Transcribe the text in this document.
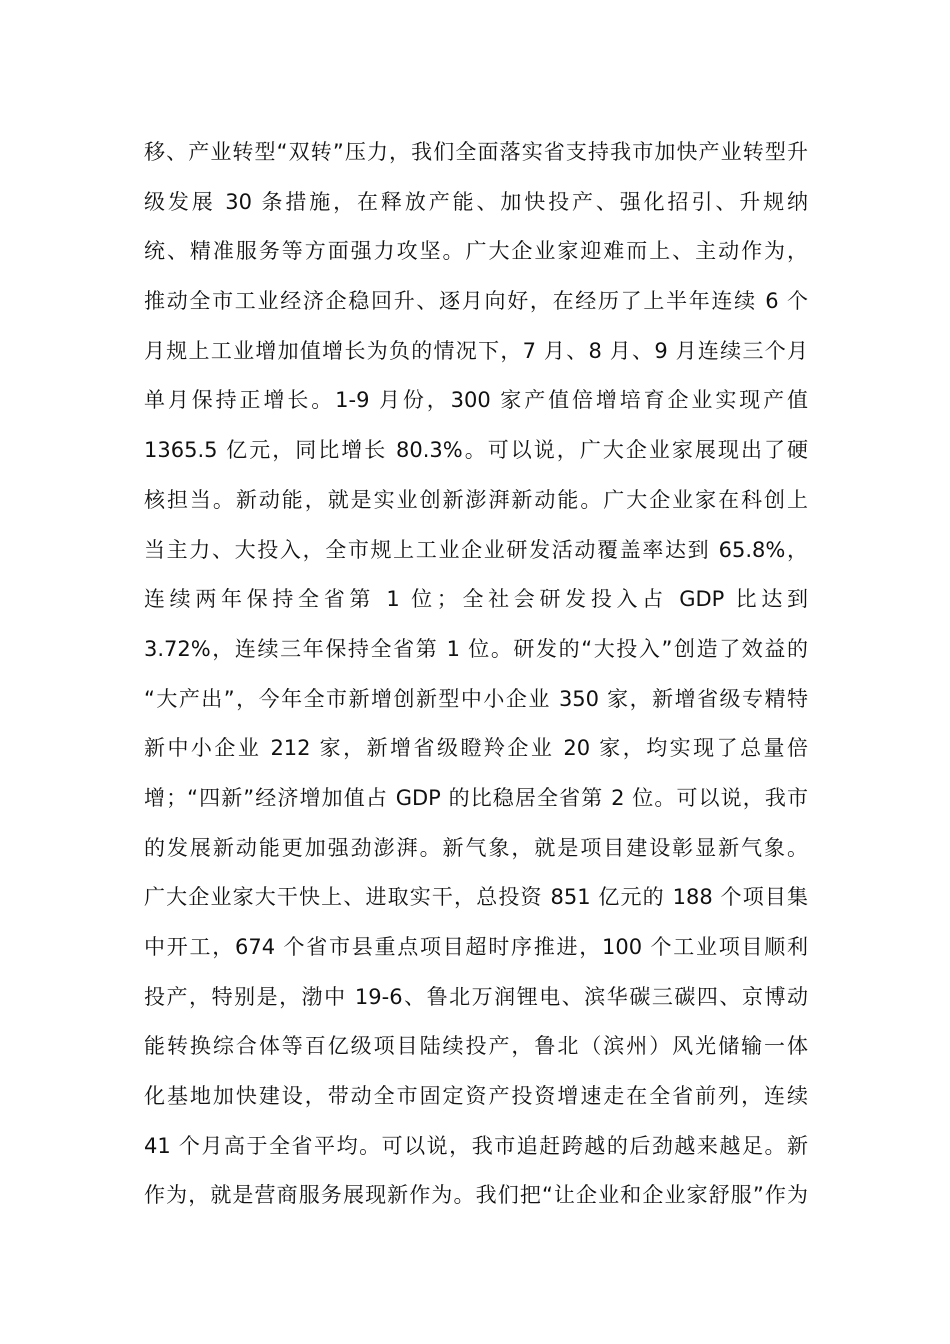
移、产业转型“双转”压力，我们全面落实省支持我市加快产业转型升
级发展 30 条措施，在释放产能、加快投产、强化招引、升规纳
统、精准服务等方面强力攻坚。广大企业家迎难而上、主动作为，
推动全市工业经济企稳回升、逐月向好，在经历了上半年连续 6 个
月规上工业增加值增长为负的情况下，7 月、8 月、9 月连续三个月
单月保持正增长。1-9 月份，300 家产值倍增培育企业实现产值
1365.5 亿元，同比增长 80.3%。可以说，广大企业家展现出了硬
核担当。新动能，就是实业创新澎湃新动能。广大企业家在科创上
当主力、大投入，全市规上工业企业研发活动覆盖率达到 65.8%，
连续两年保持全省第 1 位；全社会研发投入占 GDP 比达到
3.72%，连续三年保持全省第 1 位。研发的“大投入”创造了效益的
“大产出”，今年全市新增创新型中小企业 350 家，新增省级专精特
新中小企业 212 家，新增省级瞪羚企业 20 家，均实现了总量倍
增；“四新”经济增加值占 GDP 的比稳居全省第 2 位。可以说，我市
的发展新动能更加强劲澎湃。新气象，就是项目建设彰显新气象。
广大企业家大干快上、进取实干，总投资 851 亿元的 188 个项目集
中开工，674 个省市县重点项目超时序推进，100 个工业项目顺利
投产，特别是，渤中 19-6、鲁北万润锂电、滨华碳三碳四、京博动
能转换综合体等百亿级项目陆续投产，鲁北（滨州）风光储输一体
化基地加快建设，带动全市固定资产投资增速走在全省前列，连续
41 个月高于全省平均。可以说，我市追赶跨越的后劲越来越足。新
作为，就是营商服务展现新作为。我们把“让企业和企业家舒服”作为
